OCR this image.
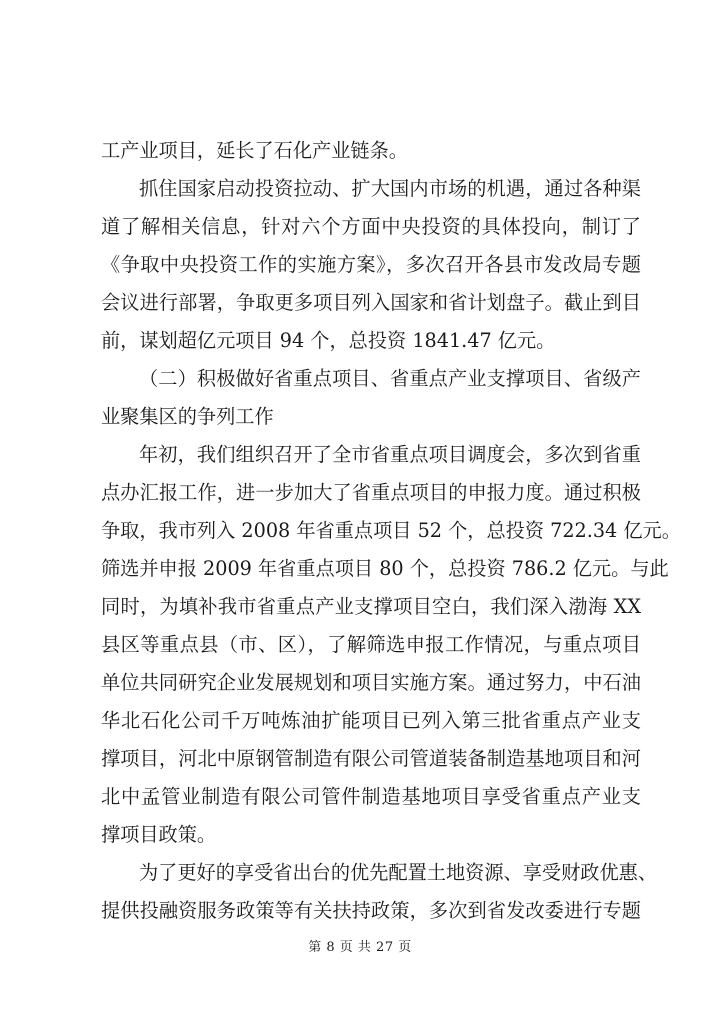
工产业项目，延长了石化产业链条。
抓住国家启动投资拉动、扩大国内市场的机遇，通过各种渠
道了解相关信息，针对六个方面中央投资的具体投向，制订了
《争取中央投资工作的实施方案》，多次召开各县市发改局专题
会议进行部署，争取更多项目列入国家和省计划盘子。截止到目
前，谋划超亿元项目 94 个，总投资 1841.47 亿元。
（二）积极做好省重点项目、省重点产业支撑项目、省级产
业聚集区的争列工作
年初，我们组织召开了全市省重点项目调度会，多次到省重
点办汇报工作，进一步加大了省重点项目的申报力度。通过积极
争取，我市列入 2008 年省重点项目 52 个，总投资 722.34 亿元。
筛选并申报 2009 年省重点项目 80 个，总投资 786.2 亿元。与此
同时，为填补我市省重点产业支撑项目空白，我们深入渤海 XX
县区等重点县（市、区），了解筛选申报工作情况，与重点项目
单位共同研究企业发展规划和项目实施方案。通过努力，中石油
华北石化公司千万吨炼油扩能项目已列入第三批省重点产业支
撑项目，河北中原钢管制造有限公司管道装备制造基地项目和河
北中孟管业制造有限公司管件制造基地项目享受省重点产业支
撑项目政策。
为了更好的享受省出台的优先配置土地资源、享受财政优惠、
提供投融资服务政策等有关扶持政策，多次到省发改委进行专题
第 8 页 共 27 页
